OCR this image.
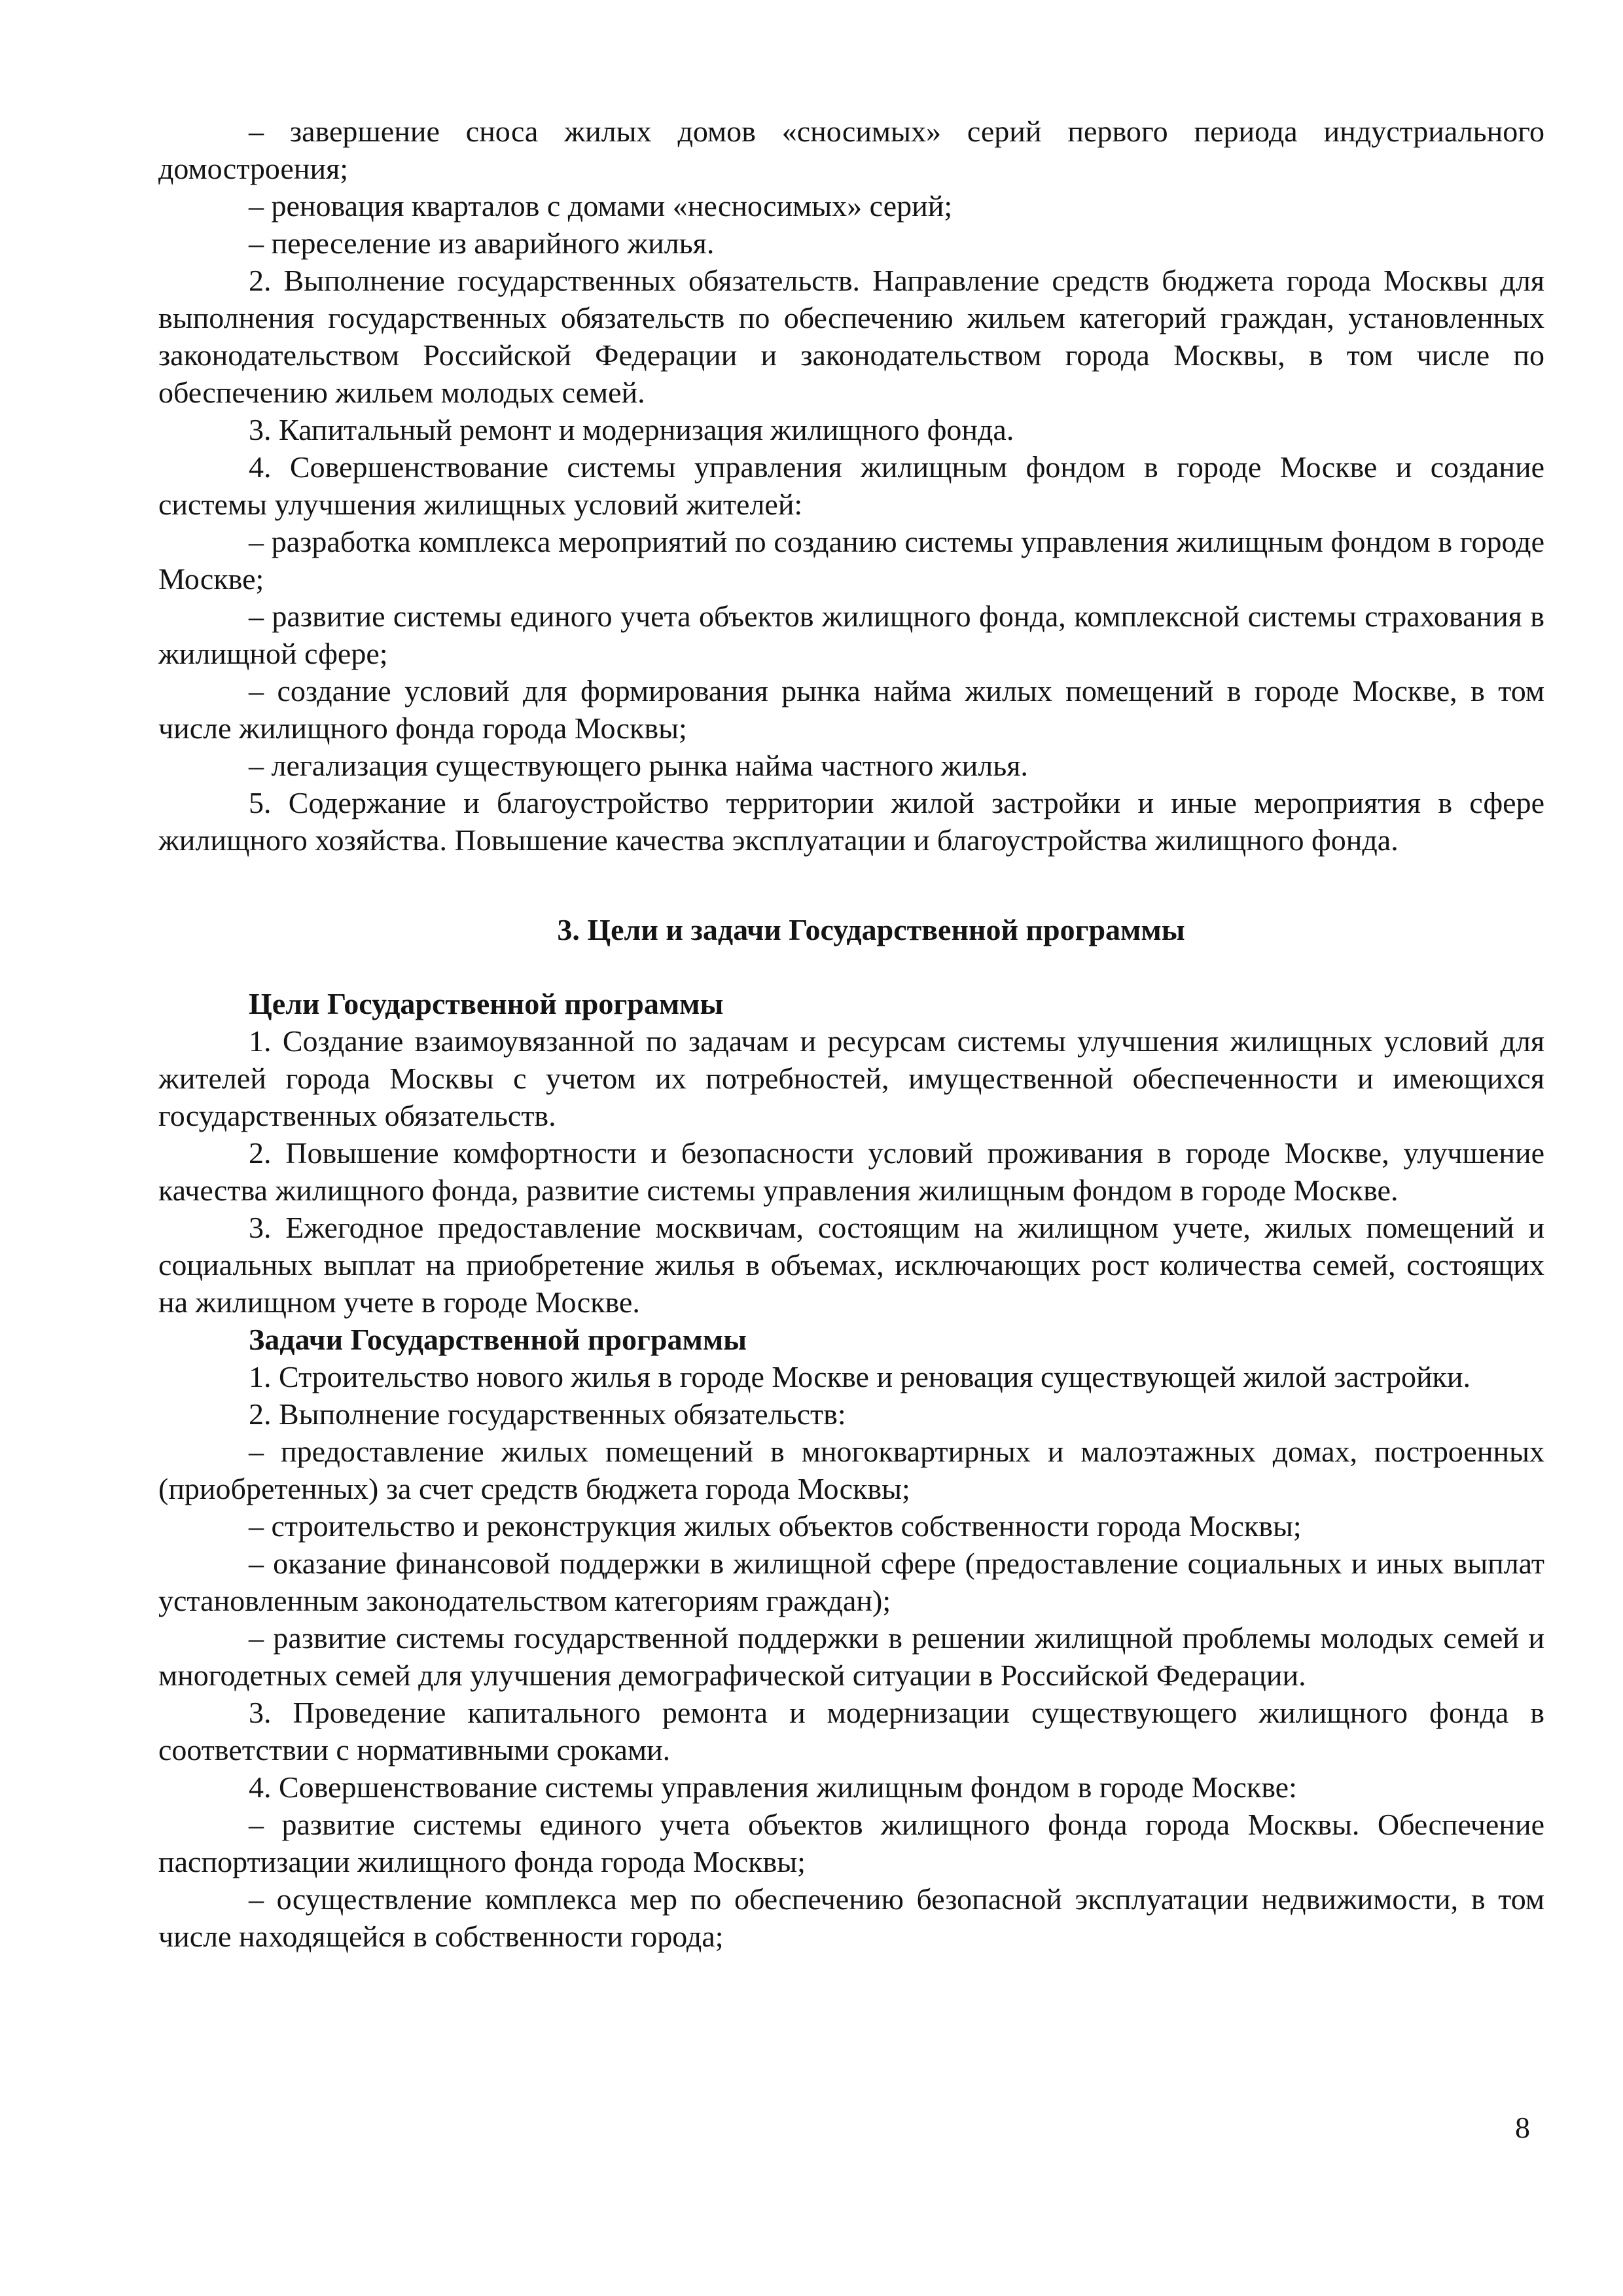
– завершение сноса жилых домов «сносимых» серий первого периода индустриального домостроения;

– реновация кварталов с домами «несносимых» серий;

– переселение из аварийного жилья.

2. Выполнение государственных обязательств. Направление средств бюджета города Москвы для выполнения государственных обязательств по обеспечению жильем категорий граждан, установленных законодательством Российской Федерации и законодательством города Москвы, в том числе по обеспечению жильем молодых семей.

3. Капитальный ремонт и модернизация жилищного фонда.

4. Совершенствование системы управления жилищным фондом в городе Москве и создание системы улучшения жилищных условий жителей:

– разработка комплекса мероприятий по созданию системы управления жилищным фондом в городе Москве;

– развитие системы единого учета объектов жилищного фонда, комплексной системы страхования в жилищной сфере;

– создание условий для формирования рынка найма жилых помещений в городе Москве, в том числе жилищного фонда города Москвы;

– легализация существующего рынка найма частного жилья.

5. Содержание и благоустройство территории жилой застройки и иные мероприятия в сфере жилищного хозяйства. Повышение качества эксплуатации и благоустройства жилищного фонда.

3. Цели и задачи Государственной программы
Цели Государственной программы

1. Создание взаимоувязанной по задачам и ресурсам системы улучшения жилищных условий для жителей города Москвы с учетом их потребностей, имущественной обеспеченности и имеющихся государственных обязательств.

2. Повышение комфортности и безопасности условий проживания в городе Москве, улучшение качества жилищного фонда, развитие системы управления жилищным фондом в городе Москве.

3. Ежегодное предоставление москвичам, состоящим на жилищном учете, жилых помещений и социальных выплат на приобретение жилья в объемах, исключающих рост количества семей, состоящих на жилищном учете в городе Москве.

Задачи Государственной программы

1. Строительство нового жилья в городе Москве и реновация существующей жилой застройки.

2. Выполнение государственных обязательств:

– предоставление жилых помещений в многоквартирных и малоэтажных домах, построенных (приобретенных) за счет средств бюджета города Москвы;

– строительство и реконструкция жилых объектов собственности города Москвы;

– оказание финансовой поддержки в жилищной сфере (предоставление социальных и иных выплат установленным законодательством категориям граждан);

– развитие системы государственной поддержки в решении жилищной проблемы молодых семей и многодетных семей для улучшения демографической ситуации в Российской Федерации.

3. Проведение капитального ремонта и модернизации существующего жилищного фонда в соответствии с нормативными сроками.

4. Совершенствование системы управления жилищным фондом в городе Москве:

– развитие системы единого учета объектов жилищного фонда города Москвы. Обеспечение паспортизации жилищного фонда города Москвы;

– осуществление комплекса мер по обеспечению безопасной эксплуатации недвижимости, в том числе находящейся в собственности города;

8
